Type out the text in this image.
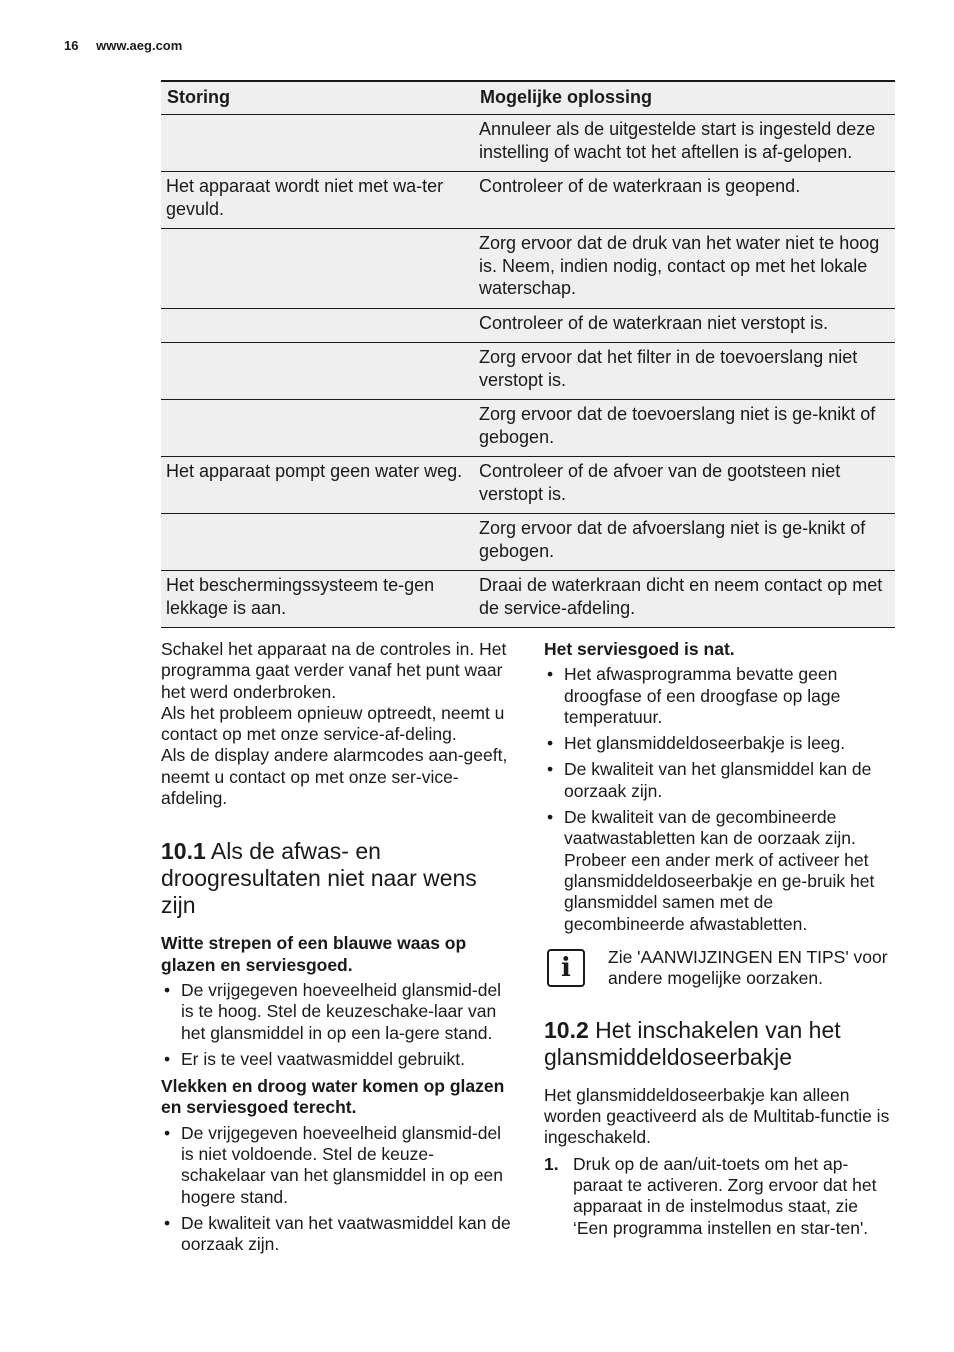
16 www.aeg.com
Storing	Mogelijke oplossing
	Annuleer als de uitgestelde start is ingesteld deze instelling of wacht tot het aftellen is af-gelopen.
Het apparaat wordt niet met wa-ter gevuld.	Controleer of de waterkraan is geopend.
	Zorg ervoor dat de druk van het water niet te hoog is. Neem, indien nodig, contact op met het lokale waterschap.
	Controleer of de waterkraan niet verstopt is.
	Zorg ervoor dat het filter in de toevoerslang niet verstopt is.
	Zorg ervoor dat de toevoerslang niet is ge-knikt of gebogen.
Het apparaat pompt geen water weg.	Controleer of de afvoer van de gootsteen niet verstopt is.
	Zorg ervoor dat de afvoerslang niet is ge-knikt of gebogen.
Het beschermingssysteem te-gen lekkage is aan.	Draai de waterkraan dicht en neem contact op met de service-afdeling.

Schakel het apparaat na de controles in. Het programma gaat verder vanaf het punt waar het werd onderbroken.

Als het probleem opnieuw optreedt, neemt u contact op met onze service-af-deling.

Als de display andere alarmcodes aan-geeft, neemt u contact op met onze ser-vice-afdeling.

10.1 Als de afwas- en droogresultaten niet naar wens zijn

Witte strepen of een blauwe waas op glazen en serviesgoed.

• De vrijgegeven hoeveelheid glansmid-del is te hoog. Stel de keuzeschake-laar van het glansmiddel in op een la-gere stand.
• Er is te veel vaatwasmiddel gebruikt.

Vlekken en droog water komen op glazen en serviesgoed terecht.

• De vrijgegeven hoeveelheid glansmid-del is niet voldoende. Stel de keuze-schakelaar van het glansmiddel in op een hogere stand.
• De kwaliteit van het vaatwasmiddel kan de oorzaak zijn.

Het serviesgoed is nat.

• Het afwasprogramma bevatte geen droogfase of een droogfase op lage temperatuur.
• Het glansmiddeldoseerbakje is leeg.
• De kwaliteit van het glansmiddel kan de oorzaak zijn.
• De kwaliteit van de gecombineerde vaatwastabletten kan de oorzaak zijn. Probeer een ander merk of activeer het glansmiddeldoseerbakje en ge-bruik het glansmiddel samen met de gecombineerde afwastabletten.
i	Zie 'AANWIJZINGEN EN TIPS' voor andere mogelijke oorzaken.
10.2 Het inschakelen van het glansmiddeldoseerbakje

Het glansmiddeldoseerbakje kan alleen worden geactiveerd als de Multitab-functie is ingeschakeld.

1. Druk op de aan/uit-toets om het ap-paraat te activeren. Zorg ervoor dat het apparaat in de instelmodus staat, zie ‘Een programma instellen en star-ten'.
